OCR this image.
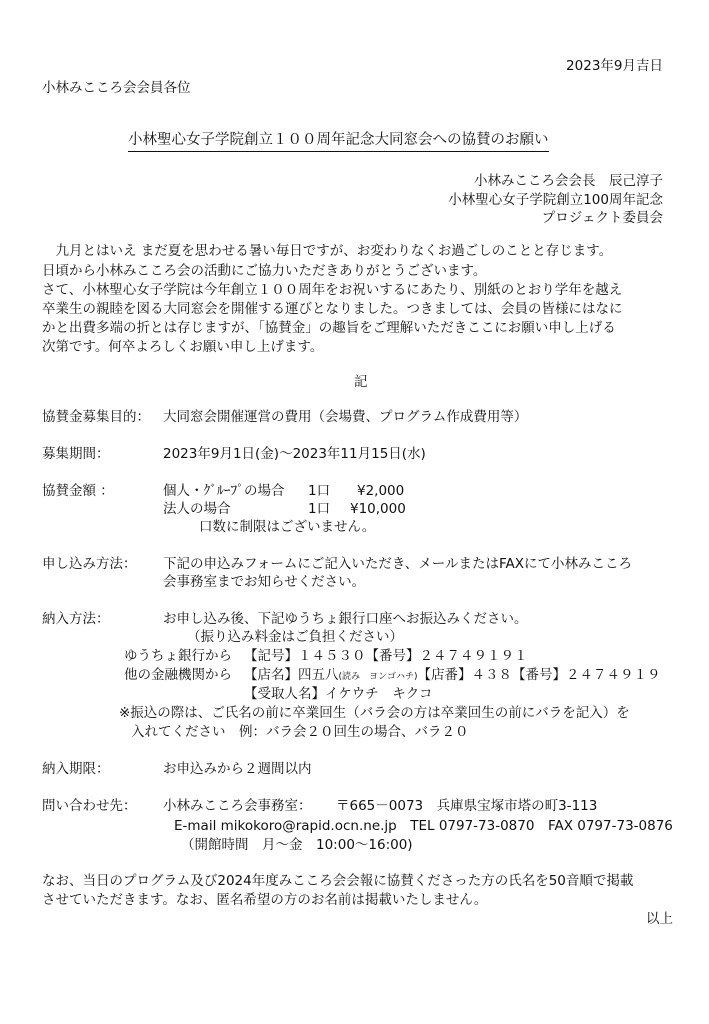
2023年9月吉日
小林みこころ会会員各位
小林聖心女子学院創立１００周年記念大同窓会への協賛のお願い
小林みこころ会会長　辰己淳子
小林聖心女子学院創立100周年記念
プロジェクト委員会
　九月とはいえ まだ夏を思わせる暑い毎日ですが、お変わりなくお過ごしのことと存じます。
日頃から小林みこころ会の活動にご協力いただきありがとうございます。
さて、小林聖心女子学院は今年創立１００周年をお祝いするにあたり、別紙のとおり学年を越え
卒業生の親睦を図る大同窓会を開催する運びとなりました。つきましては、会員の皆様にはなに
かと出費多端の折とは存じますが、「協賛金」の趣旨をご理解いただきここにお願い申し上げる
次第です。何卒よろしくお願い申し上げます。
記
協賛金募集目的： 大同窓会開催運営の費用（会場費、プログラム作成費用等）
募集期間：	2023年9月1日(金)〜2023年11月15日(水)
協賛金額 ：	個人・ｸﾞﾙｰﾌﾟの場合 1口 ¥2,000
法人の場合	1口 ¥10,000
口数に制限はございません。
申し込み方法： 下記の申込みフォームにご記入いただき、メールまたはFAXにて小林みこころ
会事務室までお知らせください。
納入方法：	お申し込み後、下記ゆうちょ銀行口座へお振込みください。
（振り込み料金はご負担ください）
ゆうちょ銀行から 【記号】１４５３０【番号】２４７４９１９１
他の金融機関から 【店名】四五八(読み　ヨンゴハチ)【店番】４３８【番号】２４７４９１９
【受取人名】イケウチ　キクコ
※振込の際は、ご氏名の前に卒業回生（バラ会の方は卒業回生の前にバラを記入）を
入れてください　例：バラ会２０回生の場合、バラ２０
納入期限：	お申込みから２週間以内
問い合わせ先： 小林みこころ会事務室： 〒665－0073　兵庫県宝塚市塔の町3-113
E-mail mikokoro@rapid.ocn.ne.jp　TEL 0797-73-0870　FAX 0797-73-0876
（開館時間　月～金　10:00～16:00)
なお、当日のプログラム及び2024年度みこころ会会報に協賛くださった方の氏名を50音順で掲載
させていただきます。なお、匿名希望の方のお名前は掲載いたしません。
以上
